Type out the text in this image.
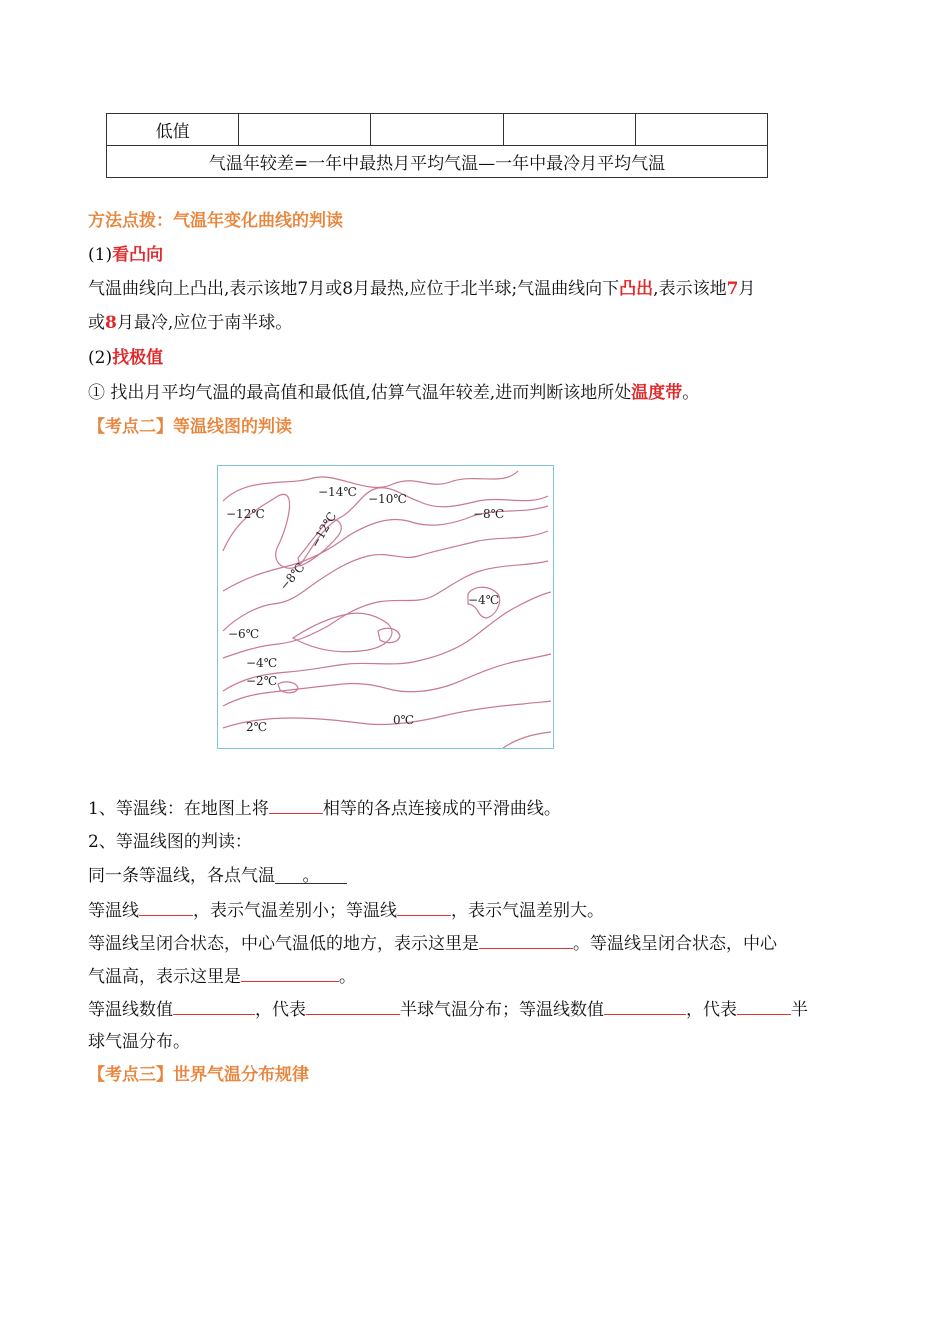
低值				
气温年较差=一年中最热月平均气温—一年中最冷月平均气温
方法点拨：气温年变化曲线的判读
(1)看凸向
气温曲线向上凸出,表示该地7月或8月最热,应位于北半球;气温曲线向下凸出,表示该地7月
或8月最冷,应位于南半球。
(2)找极值
① 找出月平均气温的最高值和最低值,估算气温年较差,进而判断该地所处温度带。
【考点二】等温线图的判读
−14℃ −10℃
−12℃	−8℃
−12℃
−8℃
−4℃
−6℃
−4℃
−2℃
0℃
2℃
1、等温线：在地图上将	相等的各点连接成的平滑曲线。
2、等温线图的判读：
同一条等温线，各点气温 。
等温线	，表示气温差别小；等温线	，表示气温差别大。
等温线呈闭合状态，中心气温低的地方，表示这里是	。等温线呈闭合状态，中心
气温高，表示这里是	。
等温线数值	，代表	半球气温分布；等温线数值	，代表	半
球气温分布。
【考点三】世界气温分布规律
